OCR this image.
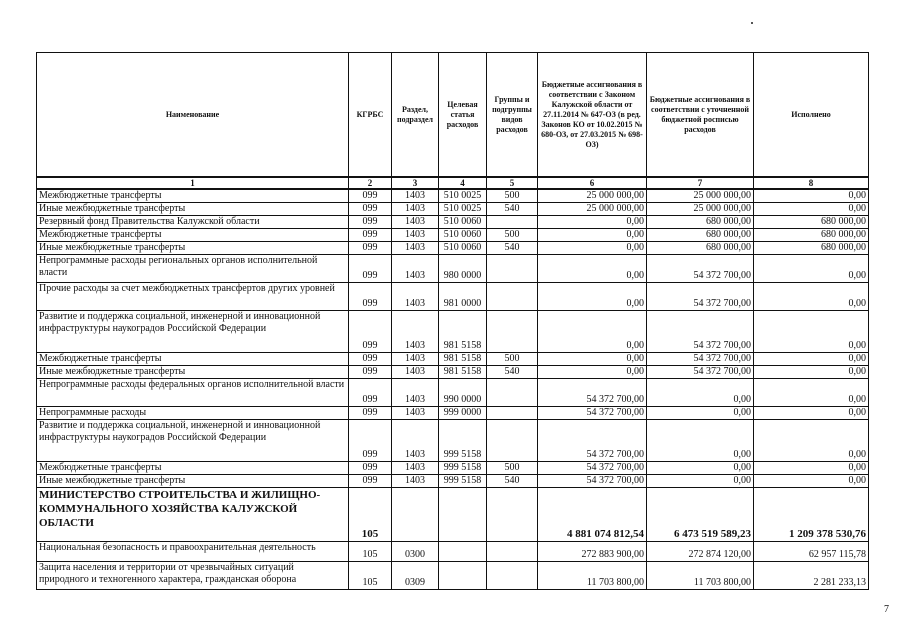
Наименование	КГРБС	Раздел, подраздел	Целевая статья расходов	Группы и подгруппы видов расходов	Бюджетные ассигнования в соответствии с Законом Калужской области от 27.11.2014 № 647-ОЗ (в ред. Законов КО от 10.02.2015 № 680-ОЗ, от 27.03.2015 № 698-ОЗ)	Бюджетные ассигнования в соответствии с уточненной бюджетной росписью расходов	Исполнено
1	2	3	4	5	6	7	8
Межбюджетные трансферты	099	1403	510 0025	500	25 000 000,00	25 000 000,00	0,00
Иные межбюджетные трансферты	099	1403	510 0025	540	25 000 000,00	25 000 000,00	0,00
Резервный фонд Правительства Калужской области	099	1403	510 0060		0,00	680 000,00	680 000,00
Межбюджетные трансферты	099	1403	510 0060	500	0,00	680 000,00	680 000,00
Иные межбюджетные трансферты	099	1403	510 0060	540	0,00	680 000,00	680 000,00
Непрограммные расходы региональных органов исполнительной власти	099	1403	980 0000		0,00	54 372 700,00	0,00
Прочие расходы за счет межбюджетных трансфертов других уровней	099	1403	981 0000		0,00	54 372 700,00	0,00
Развитие и поддержка социальной, инженерной и инновационной инфраструктуры наукоградов Российской Федерации	099	1403	981 5158		0,00	54 372 700,00	0,00
Межбюджетные трансферты	099	1403	981 5158	500	0,00	54 372 700,00	0,00
Иные межбюджетные трансферты	099	1403	981 5158	540	0,00	54 372 700,00	0,00
Непрограммные расходы федеральных органов исполнительной власти	099	1403	990 0000		54 372 700,00	0,00	0,00
Непрограммные расходы	099	1403	999 0000		54 372 700,00	0,00	0,00
Развитие и поддержка социальной, инженерной и инновационной инфраструктуры наукоградов Российской Федерации	099	1403	999 5158		54 372 700,00	0,00	0,00
Межбюджетные трансферты	099	1403	999 5158	500	54 372 700,00	0,00	0,00
Иные межбюджетные трансферты	099	1403	999 5158	540	54 372 700,00	0,00	0,00
МИНИСТЕРСТВО СТРОИТЕЛЬСТВА И ЖИЛИЩНО-КОММУНАЛЬНОГО ХОЗЯЙСТВА КАЛУЖСКОЙ ОБЛАСТИ	105				4 881 074 812,54	6 473 519 589,23	1 209 378 530,76
Национальная безопасность и правоохранительная деятельность	105	0300			272 883 900,00	272 874 120,00	62 957 115,78
Защита населения и территории от чрезвычайных ситуаций природного и техногенного характера, гражданская оборона	105	0309			11 703 800,00	11 703 800,00	2 281 233,13
7
